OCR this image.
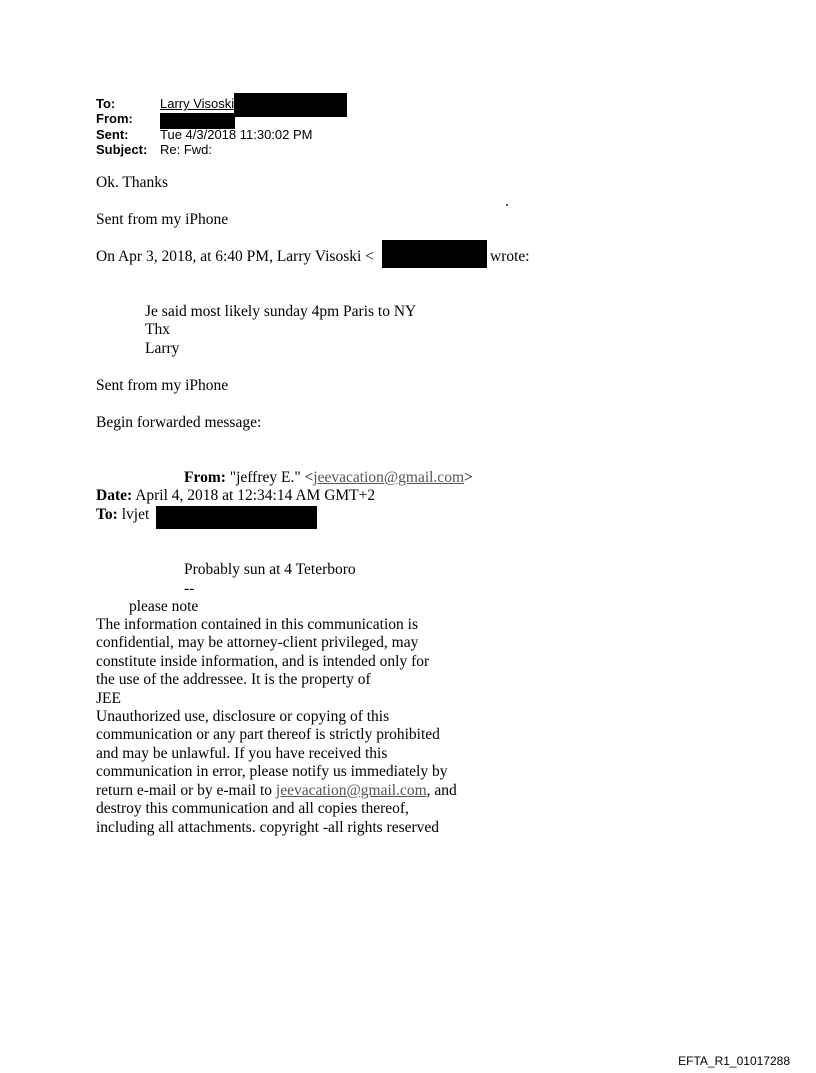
To:	Larry Visoski
From:
Sent: Tue 4/3/2018 11:30:02 PM
Subject: Re: Fwd:
Ok. Thanks
Sent from my iPhone
On Apr 3, 2018, at 6:40 PM, Larry Visoski <	wrote:
Je said most likely sunday 4pm Paris to NY
Thx
Larry
Sent from my iPhone
Begin forwarded message:
From: "jeffrey E." <jeevacation@gmail.com>
Date: April 4, 2018 at 12:34:14 AM GMT+2
To: lvjet
Probably sun at 4 Teterboro
--
please note
The information contained in this communication is
confidential, may be attorney-client privileged, may
constitute inside information, and is intended only for
the use of the addressee. It is the property of
JEE
Unauthorized use, disclosure or copying of this
communication or any part thereof is strictly prohibited
and may be unlawful. If you have received this
communication in error, please notify us immediately by
return e-mail or by e-mail to jeevacation@gmail.com, and
destroy this communication and all copies thereof,
including all attachments. copyright -all rights reserved
EFTA_R1_01017288
